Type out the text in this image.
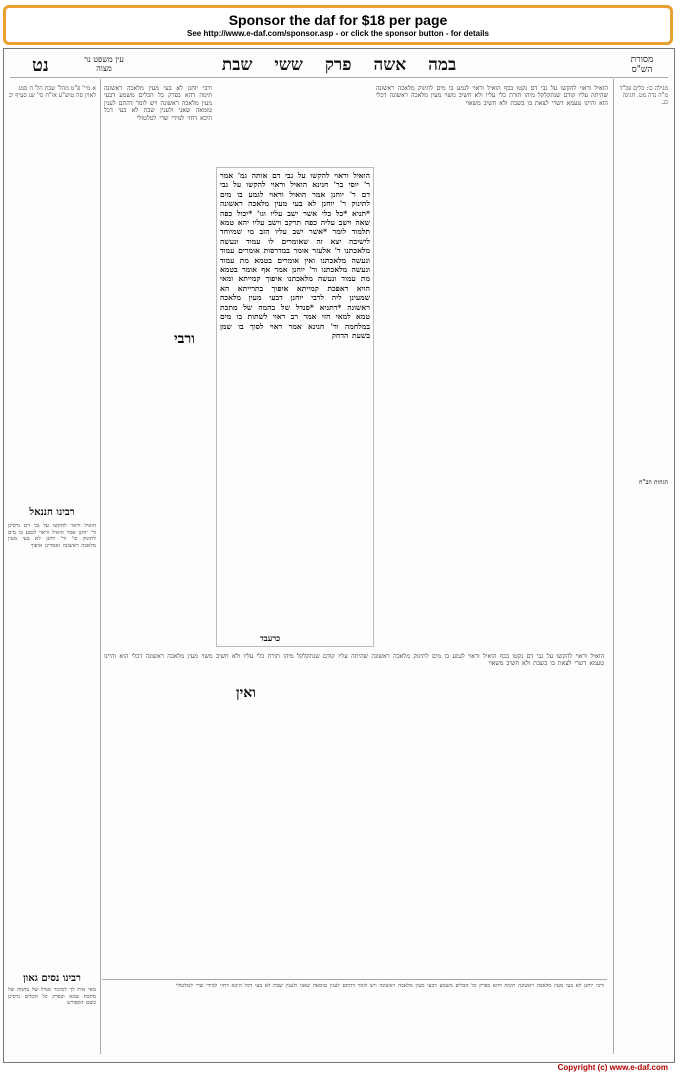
Sponsor the daf for $18 per page
See http://www.e-daf.com/sponsor.asp - or click the sponsor button - for details
מסורת הש"ס
במה אשה פרק ששי שבת
עין משפט נר מצוה
נט
מגילה כו: כלים פכ"ד מ"ה נדה מט. חגיגה כג.
הגהות הב"ח
א מיי' פ"ט מהל' שבת הל' ח סמג לאוין סה טוש"ע או"ח סי' שג סעיף יב
רבינו חננאל
הואיל וראוי להקשו על גבי דם גרסינן ור' יוחנן אמר הואיל וראוי לגמע בו מים לתינוק כו' ור' יוחנן לא בעי מעין מלאכה ראשונה ואמרינן איפוך
רבינו נסים גאון
מאי אית לך למימר סנדל של בהמה של מתכת טמא ובפרק כל הכלים גרסינן כשם דמפורש
הואיל וראוי להקשו על גבי דם נקטו בכף הואיל וראוי לגמע בו מים לתינוק מלאכה ראשונה שהיתה עליו קודם שנתקלקל מיהו תורת כלי עליו ולא חשיב משוי מעין מלאכה ראשונה דכלי הוא והיינו טעמא דשרי לצאת בו בשבת ולא חשיב משאוי
ורבי יוחנן לא בעי מעין מלאכה ראשונה תימה דהא בפרק כל הכלים משמע דבעי מעין מלאכה ראשונה ויש לומר דהתם לענין טומאה שאני ולענין שבת לא בעי דכל היכא דחזי למידי שרי לטלטולי
ורבי
הואיל וראוי להקשו על גבי דם אותה גמ' אמר ר' יוסי בר' חנינא הואיל וראוי להקשו על גבי דם ר' יוחנן אמר הואיל וראוי לגמע בו מים לתינוק ר' יוחנן לא בעי מעין מלאכה ראשונה *תניא *כל כלי אשר ישב עליו וגו' *יכול כפה שאה וישב עליה כפה תרקב וישב עליו יהא טמא תלמוד לומר *אשר ישב עליו הזב מי שמיוחד לישיבה יצא זה שאומרים לו עמוד ונעשה מלאכתנו ר' אלעזר אומר במדרסות אומרים עמוד ונעשה מלאכתנו ואין אומרים בטמא מת עמוד ונעשה מלאכתנו ור' יוחנן אמר אף אומר בטמא מת עמוד ונעשה מלאכתנו איפוך קמייתא ומאי הויא דאפכת קמייתא איפוך בתרייתא הא שמעינן ליה לרבי יוחנן דבעי מעין מלאכה ראשונה *דתניא *סנדל של בהמה של מתכת טמא למאי חזי אמר רב ראוי לשתות בו מים במלחמה ור' חנינא אמר ראוי לסוך בו שמן בשעת הדחק
כרעבד
הואיל וראוי להקשו על גבי דם נקטו בכף הואיל וראוי לגמע בו מים לתינוק מלאכה ראשונה שהיתה עליו קודם שנתקלקל מיהו תורת כלי עליו ולא חשיב משוי מעין מלאכה ראשונה דכלי הוא והיינו טעמא דשרי לצאת בו בשבת ולא חשיב משאוי
ואין
ורבי יוחנן לא בעי מעין מלאכה ראשונה תימה דהא בפרק כל הכלים משמע דבעי מעין מלאכה ראשונה ויש לומר דהתם לענין טומאה שאני ולענין שבת לא בעי דכל היכא דחזי למידי שרי לטלטולי
Copyright (c) www.e-daf.com
